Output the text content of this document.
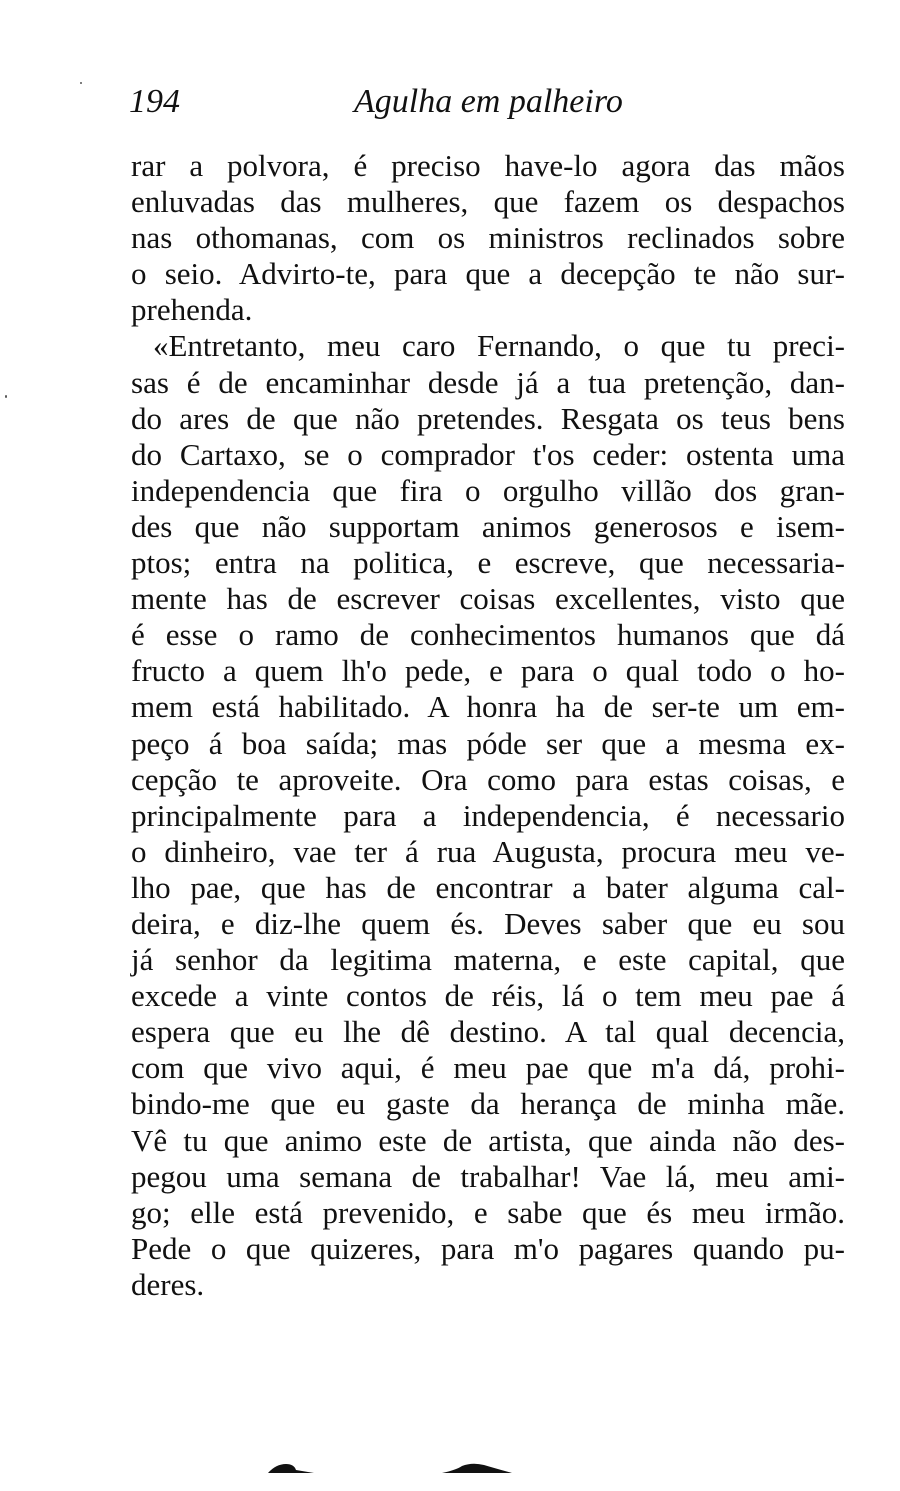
194	Agulha em palheiro
rar a polvora, é preciso have-lo agora das mãos
enluvadas das mulheres, que fazem os despachos
nas othomanas, com os ministros reclinados sobre
o seio. Advirto-te, para que a decepção te não sur-
prehenda.
«Entretanto, meu caro Fernando, o que tu preci-
sas é de encaminhar desde já a tua pretenção, dan-
do ares de que não pretendes. Resgata os teus bens
do Cartaxo, se o comprador t'os ceder: ostenta uma
independencia que fira o orgulho villão dos gran-
des que não supportam animos generosos e isem-
ptos; entra na politica, e escreve, que necessaria-
mente has de escrever coisas excellentes, visto que
é esse o ramo de conhecimentos humanos que dá
fructo a quem lh'o pede, e para o qual todo o ho-
mem está habilitado. A honra ha de ser-te um em-
peço á boa saída; mas póde ser que a mesma ex-
cepção te aproveite. Ora como para estas coisas, e
principalmente para a independencia, é necessario
o dinheiro, vae ter á rua Augusta, procura meu ve-
lho pae, que has de encontrar a bater alguma cal-
deira, e diz-lhe quem és. Deves saber que eu sou
já senhor da legitima materna, e este capital, que
excede a vinte contos de réis, lá o tem meu pae á
espera que eu lhe dê destino. A tal qual decencia,
com que vivo aqui, é meu pae que m'a dá, prohi-
bindo-me que eu gaste da herança de minha mãe.
Vê tu que animo este de artista, que ainda não des-
pegou uma semana de trabalhar! Vae lá, meu ami-
go; elle está prevenido, e sabe que és meu irmão.
Pede o que quizeres, para m'o pagares quando pu-
deres.
